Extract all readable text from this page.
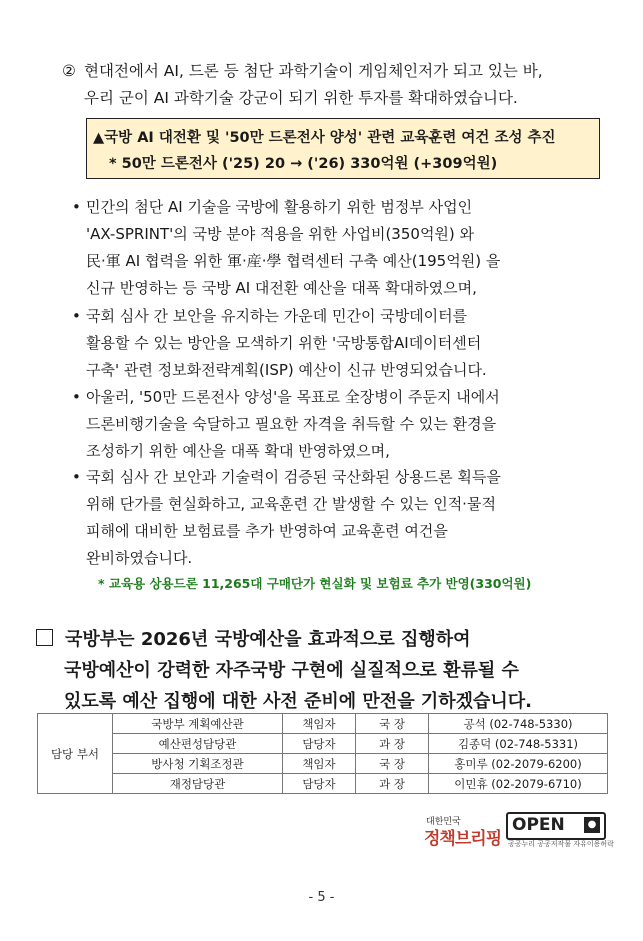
② 현대전에서 AI, 드론 등 첨단 과학기술이 게임체인저가 되고 있는 바,
우리 군이 AI 과학기술 강군이 되기 위한 투자를 확대하였습니다.
▲국방 AI 대전환 및 '50만 드론전사 양성' 관련 교육훈련 여건 조성 추진
* 50만 드론전사 ('25) 20 → ('26) 330억원 (+309억원)
• 민간의 첨단 AI 기술을 국방에 활용하기 위한 범정부 사업인
'AX-SPRINT'의 국방 분야 적용을 위한 사업비(350억원) 와
民·軍 AI 협력을 위한 軍·産·學 협력센터 구축 예산(195억원) 을
신규 반영하는 등 국방 AI 대전환 예산을 대폭 확대하였으며,
• 국회 심사 간 보안을 유지하는 가운데 민간이 국방데이터를
활용할 수 있는 방안을 모색하기 위한 '국방통합AI데이터센터
구축' 관련 정보화전략계획(ISP) 예산이 신규 반영되었습니다.
• 아울러, '50만 드론전사 양성'을 목표로 全장병이 주둔지 내에서
드론비행기술을 숙달하고 필요한 자격을 취득할 수 있는 환경을
조성하기 위한 예산을 대폭 확대 반영하였으며,
• 국회 심사 간 보안과 기술력이 검증된 국산화된 상용드론 획득을
위해 단가를 현실화하고, 교육훈련 간 발생할 수 있는 인적·물적
피해에 대비한 보험료를 추가 반영하여 교육훈련 여건을
완비하였습니다.
* 교육용 상용드론 11,265대 구매단가 현실화 및 보험료 추가 반영(330억원)
국방부는 2026년 국방예산을 효과적으로 집행하여
국방예산이 강력한 자주국방 구현에 실질적으로 환류될 수
있도록 예산 집행에 대한 사전 준비에 만전을 기하겠습니다.
담당 부서	국방부 계획예산관	책임자	국 장	공석 (02-748-5330)
	예산편성담당관	담당자	과 장	김종덕 (02-748-5331)
	방사청 기획조정관	책임자	국 장	홍미루 (02-2079-6200)
	재정담당관	담당자	과 장	이민휴 (02-2079-6710)
대한민국
정책브리핑
OPEN	●
공공누리 공공저작물 자유이용허락
- 5 -
